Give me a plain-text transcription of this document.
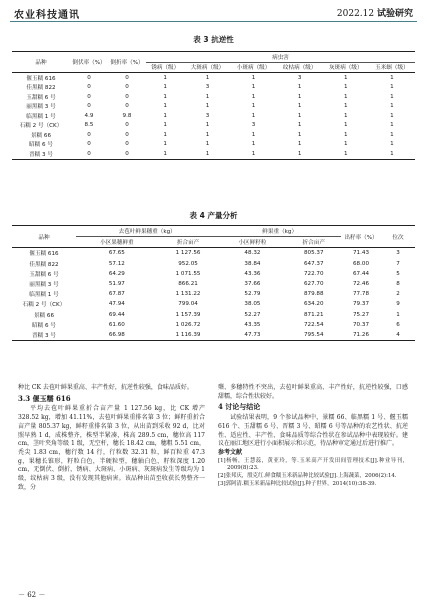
农业科技通讯	2022.12 试验研究
表 3 抗逆性
品种	倒伏率（%）	倒折率（%）	病虫害					
			锈病（级）	大斑病（级）	小斑病（级）	纹枯病（级）	灰斑病（级）	玉米螟（级）
偃玉糯 616	0	0	1	1	1	3	1	1
佳黑糯 822	0	0	1	3	1	1	1	1
玉甜糯 6 号	0	0	1	1	1	1	1	1
丽黑糯 3 号	0	0	1	1	1	1	1	1
临黑糯 1 号	4.9	9.8	1	3	1	1	1	1
石糯 2 号（CK）	8.5	0	1	1	3	1	1	1
景糯 66	0	0	1	1	1	1	1	1
昭糯 6 号	0	0	1	1	1	1	1	1
晋糯 3 号	0	0	1	1	1	1	1	1
表 4 产量分析
品种	去苞叶鲜果穗重（kg）		鲜果重（kg）		出籽率（%）	位次
	小区果穗鲜重	折合亩产	小区鲜籽粒	折合亩产		
偃玉糯 616	67.65	1 127.56	48.32	805.37	71.43	3
佳黑糯 822	57.12	952.05	38.84	647.37	68.00	7
玉甜糯 6 号	64.29	1 071.55	43.36	722.70	67.44	5
丽黑糯 3 号	51.97	866.21	37.66	627.70	72.46	8
临黑糯 1 号	67.87	1 131.22	52.79	879.88	77.78	2
石糯 2 号（CK）	47.94	799.04	38.05	634.20	79.37	9
景糯 66	69.44	1 157.39	52.27	871.21	75.27	1
昭糯 6 号	61.60	1 026.72	43.35	722.54	70.37	6
晋糯 3 号	66.98	1 116.39	47.73	795.54	71.26	4

种比 CK 去苞叶鲜果重高、丰产性好，抗逆性较强，食味品质好。

3.3 偃玉糯 616

平均去苞叶鲜果重折合亩产量 1 127.56 kg，比 CK 增产 328.52 kg，增加 41.11%，去苞叶鲜果重排名第 3 位；鲜籽重折合亩产量 805.37 kg，鲜籽重排名第 3 位，从出苗到采收 92 d，比对照早熟 1 d，成株整齐，株型半紧凑，株高 289.5 cm，穗位高 117 cm，茎叶夹角等级 1 级，无空杆，穗长 18.42 cm，穗粗 5.51 cm，秃尖 1.83 cm，穗行数 14 行，行粒数 32.31 粒，鲜百粒重 47.3 g，果穗长锥形，籽粒白色，半硬粒型，穗轴白色，籽粒深度 1.20 cm，无倒伏、倒折，锈病、大斑病、小斑病、灰斑病发生等级均为 1 级，纹枯病 3 级，没有发现其他病害。该品种出苗至收获长势整齐一致，分

蘖、多穗特性不突出，去苞叶鲜果重高、丰产性好，抗逆性较强，口感甜糯，综合性状较好。

4 讨论与结论

试验结果表明，9 个参试品种中，景糯 66、临黑糯 1 号、偃玉糯 616 个、玉甜糯 6 号、晋糯 3 号、昭糯 6 号等品种的农艺性状、抗逆性、适应性、丰产性、食味品质等综合性状在参试品种中表现较好。建议在丽江地区进行小面积展示和示范，待品种审定通过后进行推广。

参考文献

[1]杨畅，王慧蕊，黄亚玲，等.玉米高产开发田间管理技术[J].种业导刊，2009(8):23.

[2]张邦庆，殷克红.鲜食糯玉米新品种比较试验[J].上海蔬菜，2006(2):14.

[3]郭阿清.糯玉米新品种比较试验[J].种子世界，2014(10):38-39.

－ 62 －
